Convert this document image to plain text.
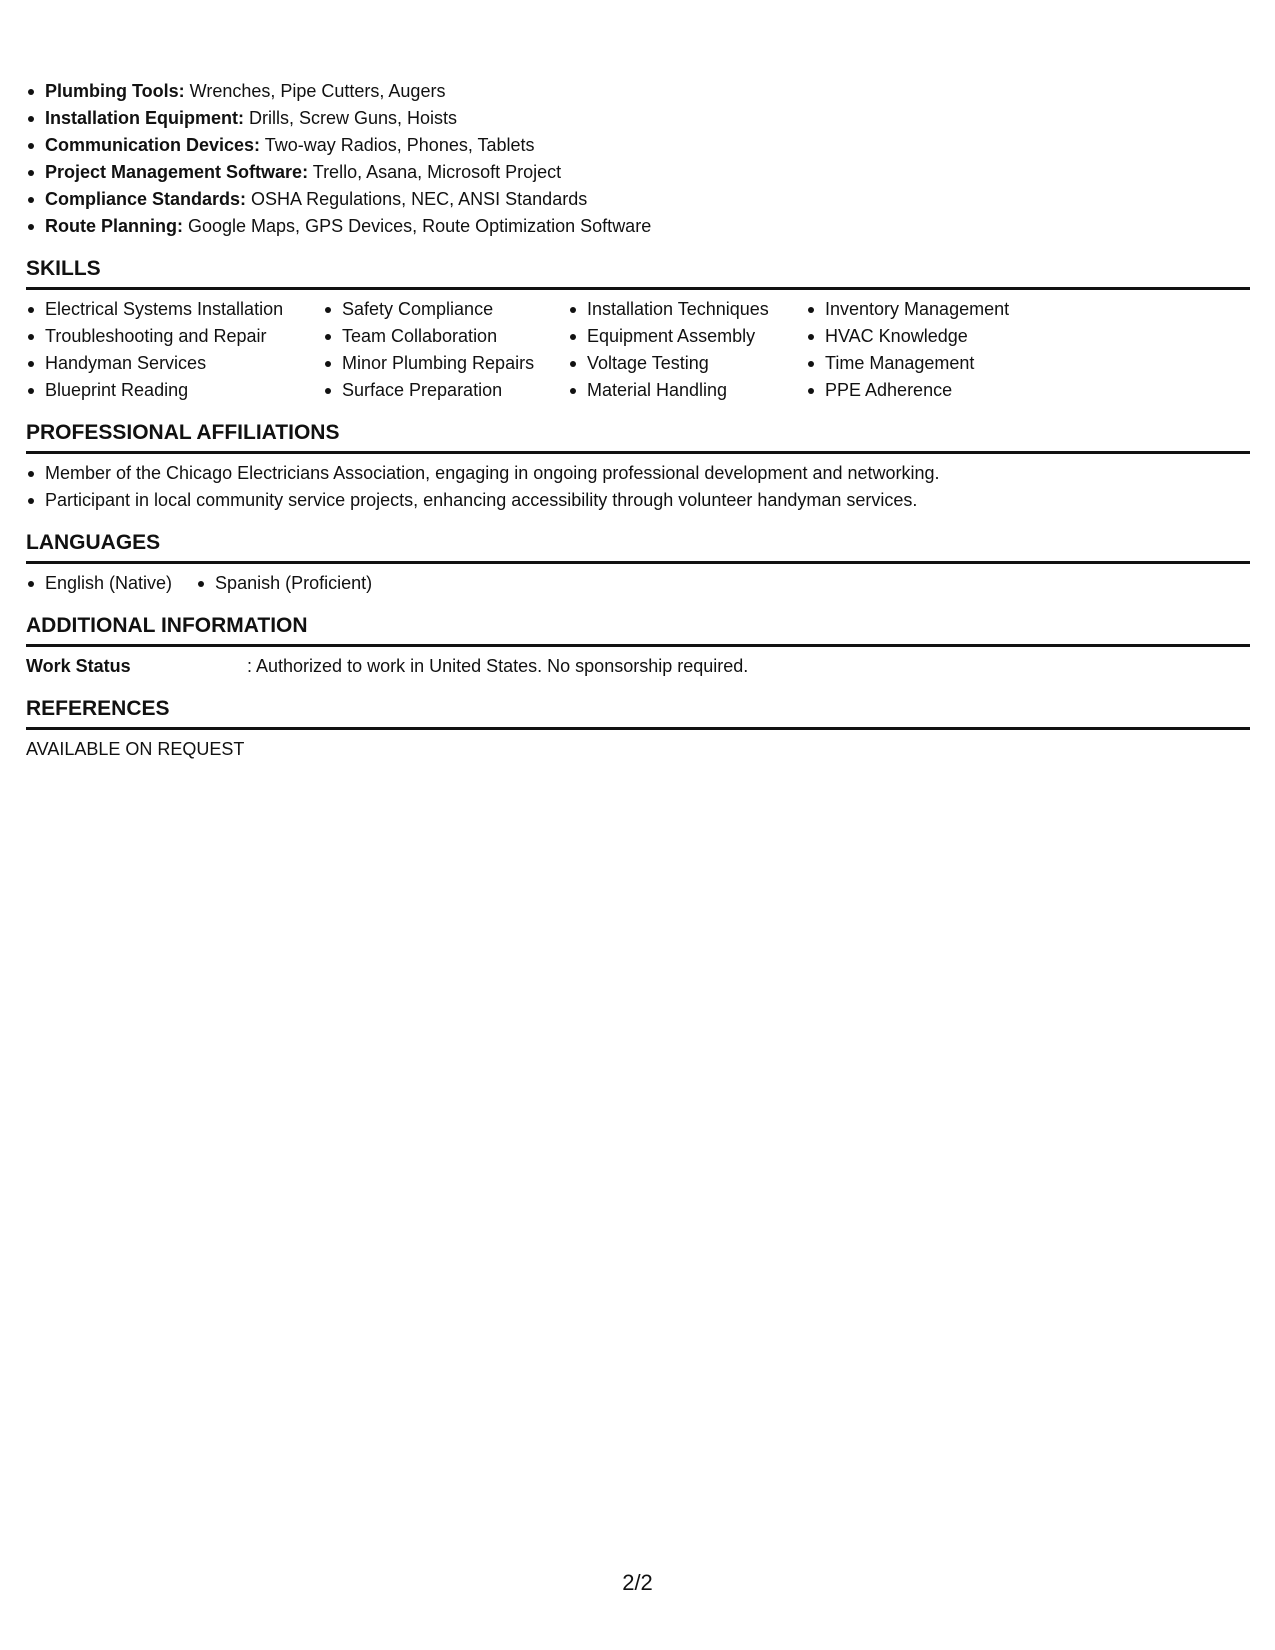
Plumbing Tools: Wrenches, Pipe Cutters, Augers
Installation Equipment: Drills, Screw Guns, Hoists
Communication Devices: Two-way Radios, Phones, Tablets
Project Management Software: Trello, Asana, Microsoft Project
Compliance Standards: OSHA Regulations, NEC, ANSI Standards
Route Planning: Google Maps, GPS Devices, Route Optimization Software
SKILLS
Electrical Systems Installation
Troubleshooting and Repair
Handyman Services
Blueprint Reading
Safety Compliance
Team Collaboration
Minor Plumbing Repairs
Surface Preparation
Installation Techniques
Equipment Assembly
Voltage Testing
Material Handling
Inventory Management
HVAC Knowledge
Time Management
PPE Adherence
PROFESSIONAL AFFILIATIONS
Member of the Chicago Electricians Association, engaging in ongoing professional development and networking.
Participant in local community service projects, enhancing accessibility through volunteer handyman services.
LANGUAGES
English (Native)	Spanish (Proficient)
ADDITIONAL INFORMATION
Work Status	: Authorized to work in United States. No sponsorship required.
REFERENCES
AVAILABLE ON REQUEST
2/2
